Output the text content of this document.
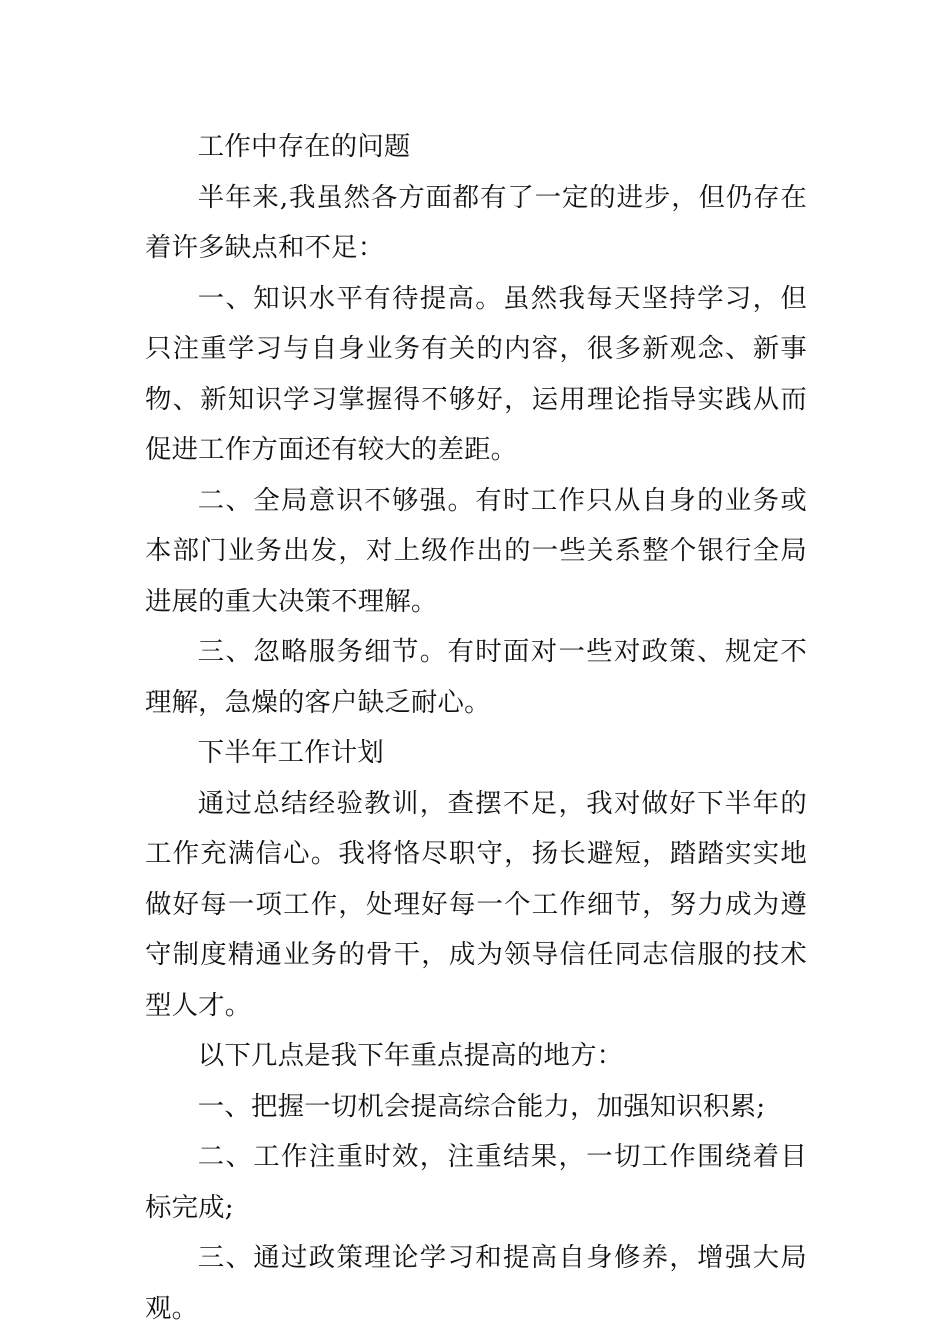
工作中存在的问题

半年来,我虽然各方面都有了一定的进步，但仍存在着许多缺点和不足：

一、知识水平有待提高。虽然我每天坚持学习，但只注重学习与自身业务有关的内容，很多新观念、新事物、新知识学习掌握得不够好，运用理论指导实践从而促进工作方面还有较大的差距。

二、全局意识不够强。有时工作只从自身的业务或本部门业务出发，对上级作出的一些关系整个银行全局进展的重大决策不理解。

三、忽略服务细节。有时面对一些对政策、规定不理解，急燥的客户缺乏耐心。

下半年工作计划

通过总结经验教训，查摆不足，我对做好下半年的工作充满信心。我将恪尽职守，扬长避短，踏踏实实地做好每一项工作，处理好每一个工作细节，努力成为遵守制度精通业务的骨干，成为领导信任同志信服的技术型人才。

以下几点是我下年重点提高的地方：

一、把握一切机会提高综合能力，加强知识积累;

二、工作注重时效，注重结果，一切工作围绕着目标完成;

三、通过政策理论学习和提高自身修养，增强大局观。
